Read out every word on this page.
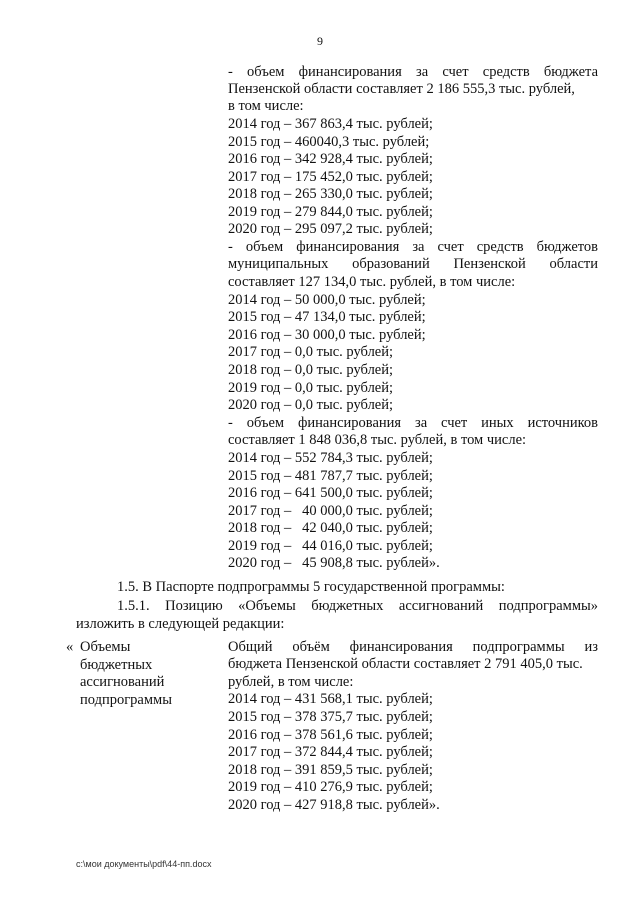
9
- объем финансирования за счет средств бюджета
Пензенской области составляет 2 186 555,3 тыс. рублей,
в том числе:
2014 год – 367 863,4 тыс. рублей;
2015 год – 460040,3 тыс. рублей;
2016 год – 342 928,4 тыс. рублей;
2017 год – 175 452,0 тыс. рублей;
2018 год – 265 330,0 тыс. рублей;
2019 год – 279 844,0 тыс. рублей;
2020 год – 295 097,2 тыс. рублей;
- объем финансирования за счет средств бюджетов
муниципальных образований Пензенской области
составляет 127 134,0 тыс. рублей, в том числе:
2014 год – 50 000,0 тыс. рублей;
2015 год – 47 134,0 тыс. рублей;
2016 год – 30 000,0 тыс. рублей;
2017 год – 0,0 тыс. рублей;
2018 год – 0,0 тыс. рублей;
2019 год – 0,0 тыс. рублей;
2020 год – 0,0 тыс. рублей;
- объем финансирования за счет иных источников
составляет 1 848 036,8 тыс. рублей, в том числе:
2014 год – 552 784,3 тыс. рублей;
2015 год – 481 787,7 тыс. рублей;
2016 год – 641 500,0 тыс. рублей;
2017 год –   40 000,0 тыс. рублей;
2018 год –   42 040,0 тыс. рублей;
2019 год –   44 016,0 тыс. рублей;
2020 год –   45 908,8 тыс. рублей».
1.5. В Паспорте подпрограммы 5 государственной программы:
1.5.1. Позицию «Объемы бюджетных ассигнований подпрограммы»
изложить в следующей редакции:
« Объемы
бюджетных
ассигнований
подпрограммы
Общий объём финансирования подпрограммы из
бюджета Пензенской области составляет 2 791 405,0 тыс.
рублей, в том числе:
2014 год – 431 568,1 тыс. рублей;
2015 год – 378 375,7 тыс. рублей;
2016 год – 378 561,6 тыс. рублей;
2017 год – 372 844,4 тыс. рублей;
2018 год – 391 859,5 тыс. рублей;
2019 год – 410 276,9 тыс. рублей;
2020 год – 427 918,8 тыс. рублей».
c:\мои документы\pdf\44-пп.docx
